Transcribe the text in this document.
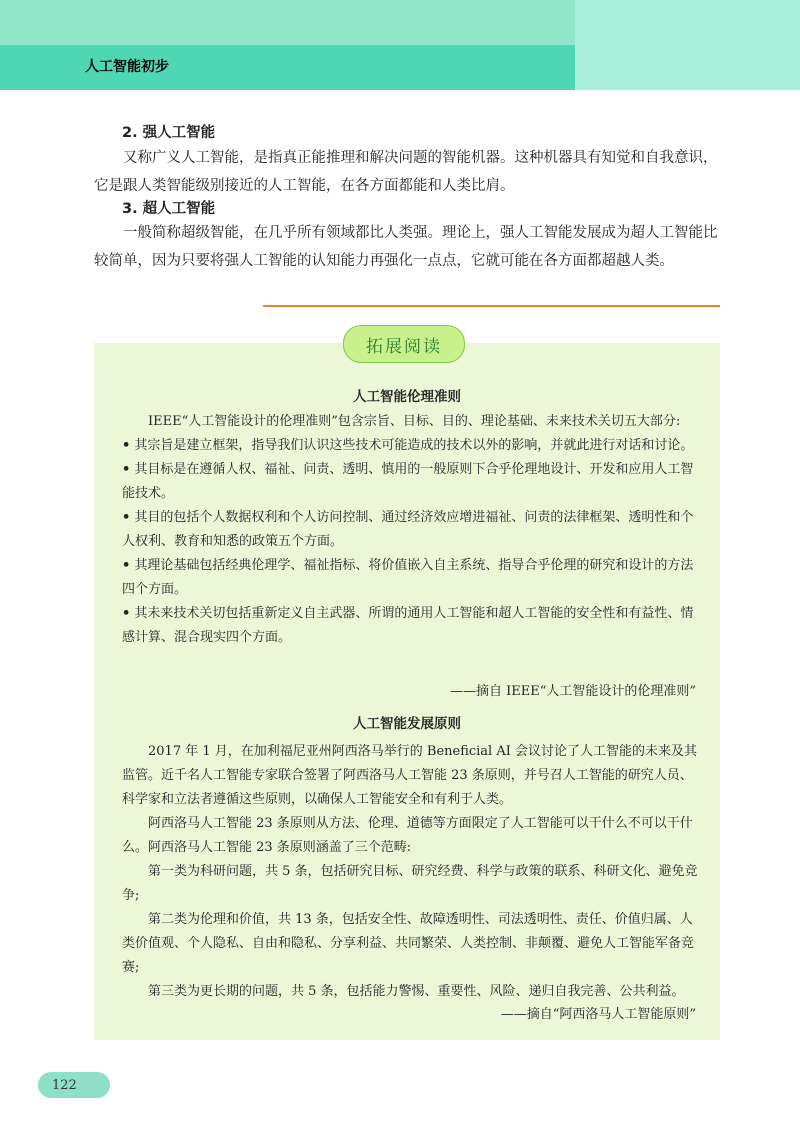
人工智能初步
2. 强人工智能

又称广义人工智能，是指真正能推理和解决问题的智能机器。这种机器具有知觉和自我意识，它是跟人类智能级别接近的人工智能，在各方面都能和人类比肩。

3. 超人工智能

一般简称超级智能，在几乎所有领域都比人类强。理论上，强人工智能发展成为超人工智能比较简单，因为只要将强人工智能的认知能力再强化一点点，它就可能在各方面都超越人类。

拓展阅读
人工智能伦理准则

IEEE“人工智能设计的伦理准则”包含宗旨、目标、目的、理论基础、未来技术关切五大部分:

• 其宗旨是建立框架，指导我们认识这些技术可能造成的技术以外的影响，并就此进行对话和讨论。

• 其目标是在遵循人权、福祉、问责、透明、慎用的一般原则下合乎伦理地设计、开发和应用人工智能技术。

• 其目的包括个人数据权利和个人访问控制、通过经济效应增进福祉、问责的法律框架、透明性和个人权利、教育和知悉的政策五个方面。

• 其理论基础包括经典伦理学、福祉指标、将价值嵌入自主系统、指导合乎伦理的研究和设计的方法四个方面。

• 其未来技术关切包括重新定义自主武器、所谓的通用人工智能和超人工智能的安全性和有益性、情感计算、混合现实四个方面。

——摘自 IEEE“人工智能设计的伦理准则”
人工智能发展原则

2017 年 1 月，在加利福尼亚州阿西洛马举行的 Beneficial AI 会议讨论了人工智能的未来及其监管。近千名人工智能专家联合签署了阿西洛马人工智能 23 条原则，并号召人工智能的研究人员、科学家和立法者遵循这些原则，以确保人工智能安全和有利于人类。

阿西洛马人工智能 23 条原则从方法、伦理、道德等方面限定了人工智能可以干什么不可以干什么。阿西洛马人工智能 23 条原则涵盖了三个范畴:

第一类为科研问题，共 5 条，包括研究目标、研究经费、科学与政策的联系、科研文化、避免竞争;

第二类为伦理和价值，共 13 条，包括安全性、故障透明性、司法透明性、责任、价值归属、人类价值观、个人隐私、自由和隐私、分享利益、共同繁荣、人类控制、非颠覆、避免人工智能军备竞赛;

第三类为更长期的问题，共 5 条，包括能力警惕、重要性、风险、递归自我完善、公共利益。

——摘自“阿西洛马人工智能原则”
122
